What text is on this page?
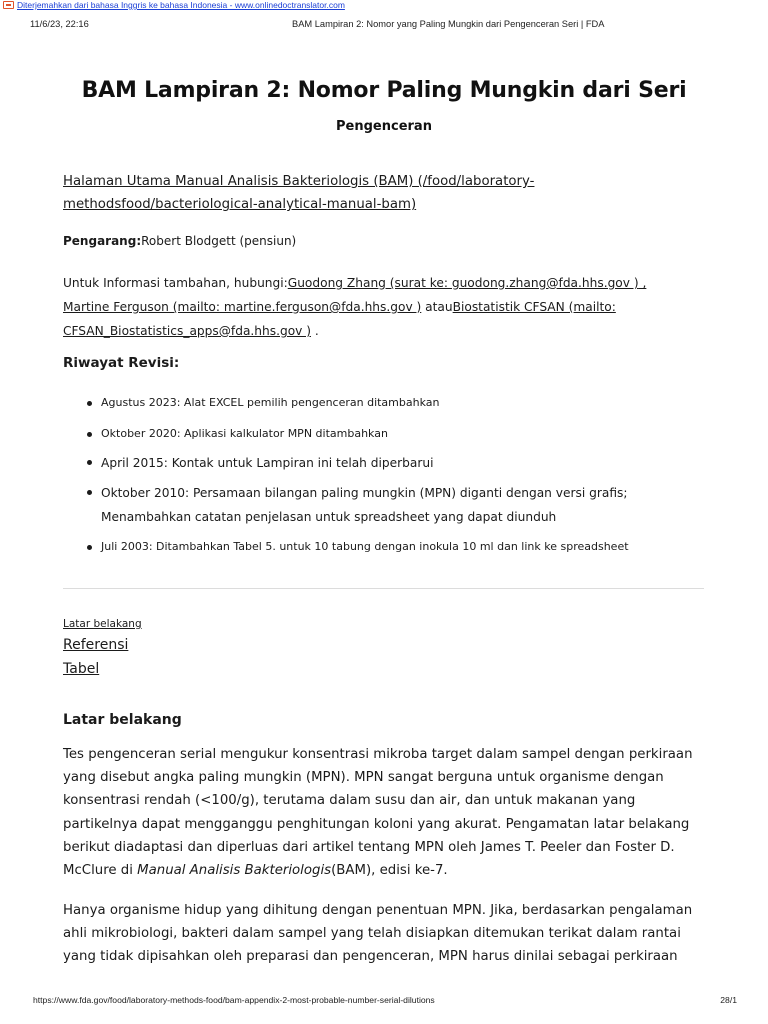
Diterjemahkan dari bahasa Inggris ke bahasa Indonesia - www.onlinedoctranslator.com
11/6/23, 22:16	BAM Lampiran 2: Nomor yang Paling Mungkin dari Pengenceran Seri | FDA
BAM Lampiran 2: Nomor Paling Mungkin dari Seri
Pengenceran
Halaman Utama Manual Analisis Bakteriologis (BAM) (/food/laboratory-
methodsfood/bacteriological-analytical-manual-bam)
Pengarang:Robert Blodgett (pensiun)
Untuk Informasi tambahan, hubungi:Guodong Zhang (surat ke: guodong.zhang@fda.hhs.gov ) ,
Martine Ferguson (mailto: martine.ferguson@fda.hhs.gov ) atauBiostatistik CFSAN (mailto:
CFSAN_Biostatistics_apps@fda.hhs.gov ) .
Riwayat Revisi:
Agustus 2023: Alat EXCEL pemilih pengenceran ditambahkan
Oktober 2020: Aplikasi kalkulator MPN ditambahkan
April 2015: Kontak untuk Lampiran ini telah diperbarui
Oktober 2010: Persamaan bilangan paling mungkin (MPN) diganti dengan versi grafis;
Menambahkan catatan penjelasan untuk spreadsheet yang dapat diunduh
Juli 2003: Ditambahkan Tabel 5. untuk 10 tabung dengan inokula 10 ml dan link ke spreadsheet
Latar belakang
Referensi
Tabel
Latar belakang

Tes pengenceran serial mengukur konsentrasi mikroba target dalam sampel dengan perkiraan yang disebut angka paling mungkin (MPN). MPN sangat berguna untuk organisme dengan konsentrasi rendah (<100/g), terutama dalam susu dan air, dan untuk makanan yang partikelnya dapat mengganggu penghitungan koloni yang akurat. Pengamatan latar belakang berikut diadaptasi dan diperluas dari artikel tentang MPN oleh James T. Peeler dan Foster D. McClure di Manual Analisis Bakteriologis(BAM), edisi ke-7.

Hanya organisme hidup yang dihitung dengan penentuan MPN. Jika, berdasarkan pengalaman ahli mikrobiologi, bakteri dalam sampel yang telah disiapkan ditemukan terikat dalam rantai yang tidak dipisahkan oleh preparasi dan pengenceran, MPN harus dinilai sebagai perkiraan

https://www.fda.gov/food/laboratory-methods-food/bam-appendix-2-most-probable-number-serial-dilutions	28/1
